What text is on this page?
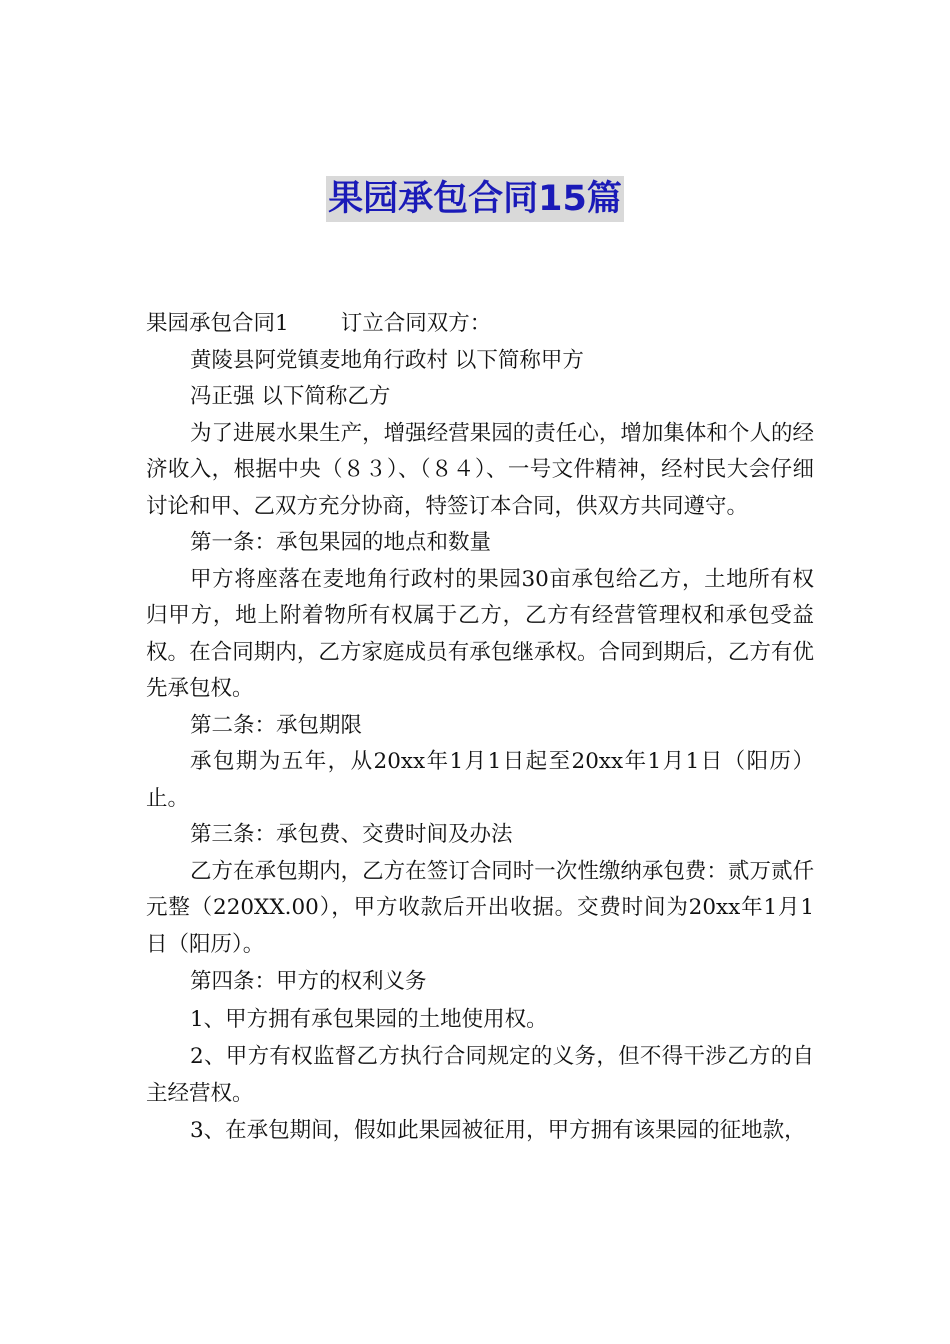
果园承包合同15篇

果园承包合同1 订立合同双方：

黄陵县阿党镇麦地角行政村 以下简称甲方

冯正强 以下简称乙方

为了进展水果生产，增强经营果园的责任心，增加集体和个人的经济收入，根据中央（８３）、（８４）、一号文件精神，经村民大会仔细讨论和甲、乙双方充分协商，特签订本合同，供双方共同遵守。

第一条：承包果园的地点和数量

甲方将座落在麦地角行政村的果园30亩承包给乙方，土地所有权归甲方，地上附着物所有权属于乙方，乙方有经营管理权和承包受益权。在合同期内，乙方家庭成员有承包继承权。合同到期后，乙方有优先承包权。

第二条：承包期限

承包期为五年，从20xx年1月1日起至20xx年1月1日（阳历）止。

第三条：承包费、交费时间及办法

乙方在承包期内，乙方在签订合同时一次性缴纳承包费：贰万贰仟元整（220XX.00），甲方收款后开出收据。交费时间为20xx年1月1日（阳历）。

第四条：甲方的权利义务

1、甲方拥有承包果园的土地使用权。

2、甲方有权监督乙方执行合同规定的义务，但不得干涉乙方的自主经营权。

3、在承包期间，假如此果园被征用，甲方拥有该果园的征地款，
